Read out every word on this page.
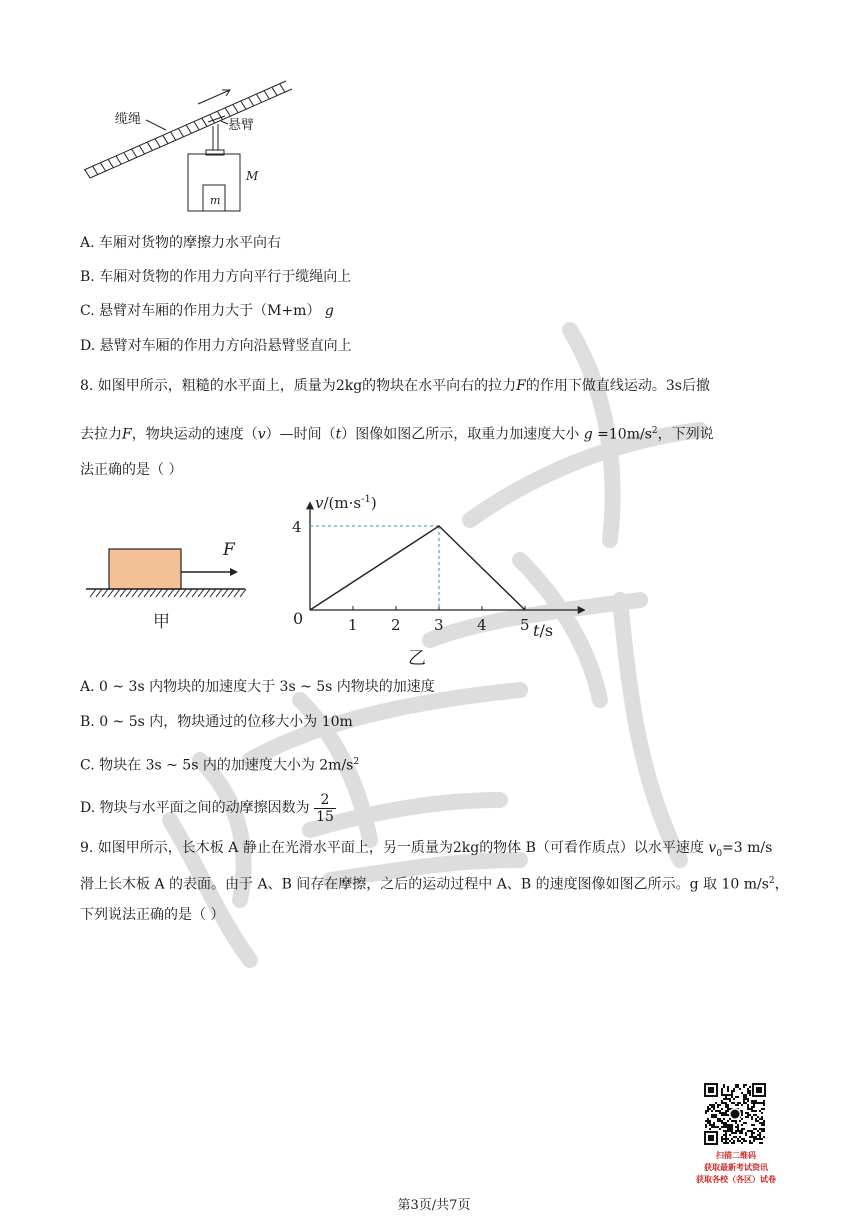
缆绳	悬臂
M
m
A. 车厢对货物的摩擦力水平向右
B. 车厢对货物的作用力方向平行于缆绳向上
C. 悬臂对车厢的作用力大于（M+m） g
D. 悬臂对车厢的作用力方向沿悬臂竖直向上
8. 如图甲所示，粗糙的水平面上，质量为2kg的物块在水平向右的拉力F的作用下做直线运动。3s后撤
去拉力F，物块运动的速度（v）—时间（t）图像如图乙所示，取重力加速度大小 $g =10m/s^2$，下列说
法正确的是（ ）
F
甲
$v/(m\cdot s^{-1})$
t/s
0
乙
1 2 3 4 5
4
A. 0 ~ 3s 内物块的加速度大于 3s ~ 5s 内物块的加速度
B. 0 ~ 5s 内，物块通过的位移大小为 10m
C. 物块在 3s ~ 5s 内的加速度大小为 $2m/s^2$
D. 物块与水平面之间的动摩擦因数为 $\frac{2}{15}$
9. 如图甲所示，长木板 A 静止在光滑水平面上，另一质量为2kg的物体 B（可看作质点）以水平速度 $v_0=3$ m/s
滑上长木板 A 的表面。由于 A、B 间存在摩擦，之后的运动过程中 A、B 的速度图像如图乙所示。g 取 10 $m/s^2$，
下列说法正确的是（ ）
扫描二维码
获取最新考试资讯
获取各校（各区）试卷
第3页/共7页
